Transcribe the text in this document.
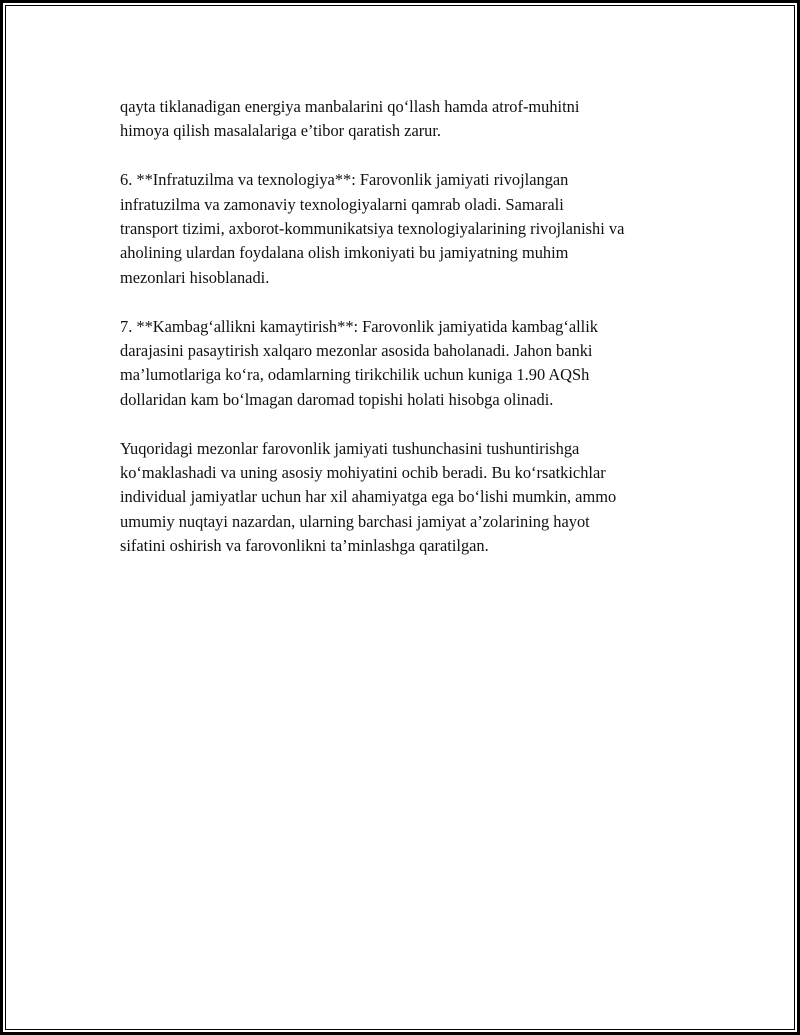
qayta tiklanadigan energiya manbalarini qo‘llash hamda atrof-muhitni
himoya qilish masalalariga e’tibor qaratish zarur.

6. **Infratuzilma va texnologiya**: Farovonlik jamiyati rivojlangan
infratuzilma va zamonaviy texnologiyalarni qamrab oladi. Samarali
transport tizimi, axborot-kommunikatsiya texnologiyalarining rivojlanishi va
aholining ulardan foydalana olish imkoniyati bu jamiyatning muhim
mezonlari hisoblanadi.

7. **Kambag‘allikni kamaytirish**: Farovonlik jamiyatida kambag‘allik
darajasini pasaytirish xalqaro mezonlar asosida baholanadi. Jahon banki
ma’lumotlariga ko‘ra, odamlarning tirikchilik uchun kuniga 1.90 AQSh
dollaridan kam bo‘lmagan daromad topishi holati hisobga olinadi.

Yuqoridagi mezonlar farovonlik jamiyati tushunchasini tushuntirishga
ko‘maklashadi va uning asosiy mohiyatini ochib beradi. Bu ko‘rsatkichlar
individual jamiyatlar uchun har xil ahamiyatga ega bo‘lishi mumkin, ammo
umumiy nuqtayi nazardan, ularning barchasi jamiyat a’zolarining hayot
sifatini oshirish va farovonlikni ta’minlashga qaratilgan.
